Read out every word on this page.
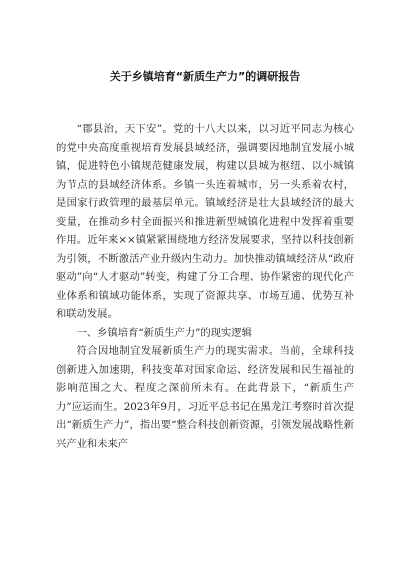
关于乡镇培育“新质生产力”的调研报告

“郡县治，天下安”。党的十八大以来，以习近平同志为核心的党中央高度重视培育发展县域经济，强调要因地制宜发展小城镇，促进特色小镇规范健康发展，构建以县城为枢纽、以小城镇为节点的县域经济体系。乡镇一头连着城市，另一头系着农村，是国家行政管理的最基层单元。镇域经济是壮大县域经济的最大变量，在推动乡村全面振兴和推进新型城镇化进程中发挥着重要作用。近年来××镇紧紧围绕地方经济发展要求，坚持以科技创新为引领，不断激活产业升级内生动力。加快推动镇域经济从“政府驱动”向“人才驱动”转变，构建了分工合理、协作紧密的现代化产业体系和镇域功能体系，实现了资源共享、市场互通、优势互补和联动发展。

一、乡镇培育“新质生产力”的现实逻辑

符合因地制宜发展新质生产力的现实需求。当前，全球科技创新进入加速期，科技变革对国家命运、经济发展和民生福祉的影响范围之大、程度之深前所未有。在此背景下，“新质生产力”应运而生。2023年9月，习近平总书记在黑龙江考察时首次提出“新质生产力”，指出要“整合科技创新资源，引领发展战略性新兴产业和未来产
